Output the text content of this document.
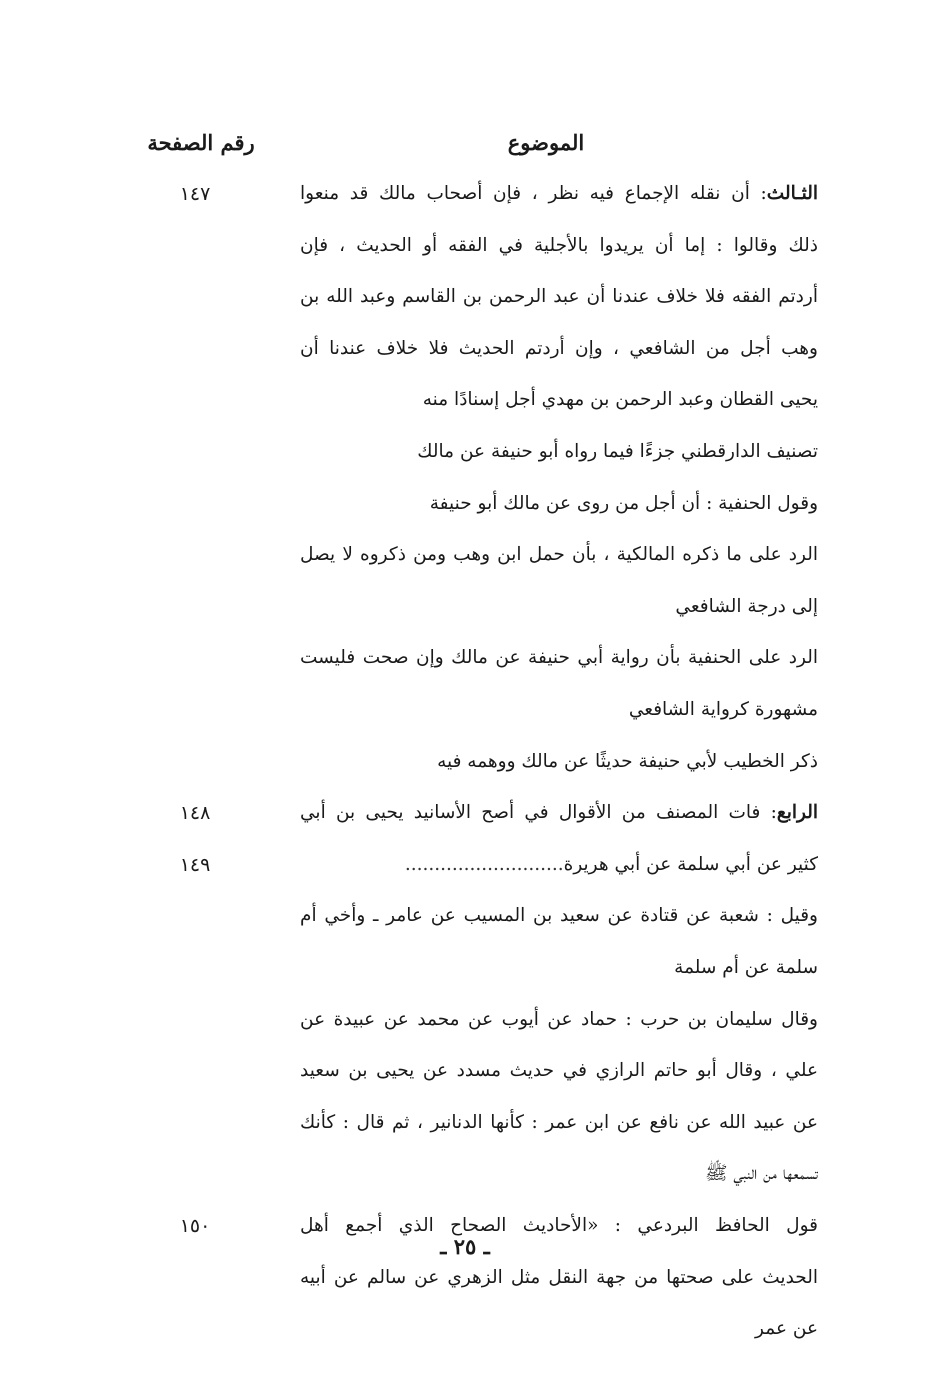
الموضوع
رقم الصفحة
الثـالث: أن نقله الإجماع فيه نظر ، فإن أصحاب مالك قد منعوا
١٤٧
ذلك وقالوا : إما أن يريدوا بالأجلية في الفقه أو الحديث ، فإن
أردتم الفقه فلا خلاف عندنا أن عبد الرحمن بن القاسم وعبد الله بن
وهب أجل من الشافعي ، وإن أردتم الحديث فلا خلاف عندنا أن
يحيى القطان وعبد الرحمن بن مهدي أجل إسنادًا منه
تصنيف الدارقطني جزءًا فيما رواه أبو حنيفة عن مالك
وقول الحنفية : أن أجل من روى عن مالك أبو حنيفة
الرد على ما ذكره المالكية ، بأن حمل ابن وهب ومن ذكروه لا يصل
إلى درجة الشافعي
الرد على الحنفية بأن رواية أبي حنيفة عن مالك وإن صحت فليست
مشهورة كرواية الشافعي
ذكر الخطيب لأبي حنيفة حديثًا عن مالك ووهمه فيه
الرابع: فات المصنف من الأقوال في أصح الأسانيد يحيى بن أبي
١٤٨
كثير عن أبي سلمة عن أبي هريرة...........................
١٤٩
وقيل : شعبة عن قتادة عن سعيد بن المسيب عن عامر ـ وأخي أم
سلمة عن أم سلمة
وقال سليمان بن حرب : حماد عن أيوب عن محمد عن عبيدة عن
علي ، وقال أبو حاتم الرازي في حديث مسدد عن يحيى بن سعيد
عن عبيد الله عن نافع عن ابن عمر : كأنها الدنانير ، ثم قال : كأنك
تسمعها من النبي ﷺ
قول الحافظ البردعي : «الأحاديث الصحاح الذي أجمع أهل
١٥٠
الحديث على صحتها من جهة النقل مثل الزهري عن سالم عن أبيه
عن عمر
ـ ٢٥ ـ
